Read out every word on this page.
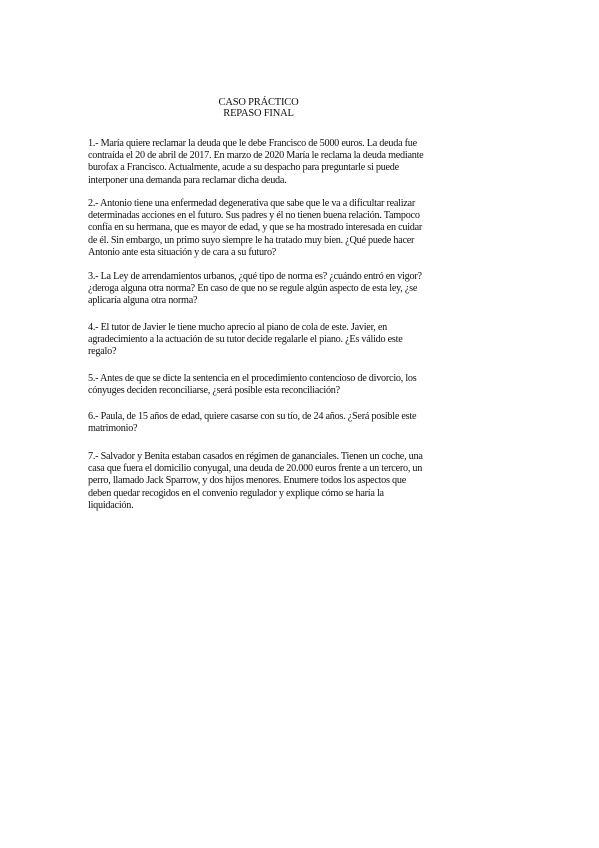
CASO PRÁCTICO
REPASO FINAL

1.- María quiere reclamar la deuda que le debe Francisco de 5000 euros. La deuda fue
contraída el 20 de abril de 2017. En marzo de 2020 María le reclama la deuda mediante
burofax a Francisco. Actualmente, acude a su despacho para preguntarle si puede
interponer una demanda para reclamar dicha deuda.

2.- Antonio tiene una enfermedad degenerativa que sabe que le va a dificultar realizar
determinadas acciones en el futuro. Sus padres y él no tienen buena relación. Tampoco
confía en su hermana, que es mayor de edad, y que se ha mostrado interesada en cuidar
de él. Sin embargo, un primo suyo siempre le ha tratado muy bien. ¿Qué puede hacer
Antonio ante esta situación y de cara a su futuro?

3.- La Ley de arrendamientos urbanos, ¿qué tipo de norma es? ¿cuándo entró en vigor?
¿deroga alguna otra norma? En caso de que no se regule algún aspecto de esta ley, ¿se
aplicaría alguna otra norma?

4.- El tutor de Javier le tiene mucho aprecio al piano de cola de este. Javier, en
agradecimiento a la actuación de su tutor decide regalarle el piano. ¿Es válido este
regalo?

5.- Antes de que se dicte la sentencia en el procedimiento contencioso de divorcio, los
cónyuges deciden reconciliarse, ¿será posible esta reconciliación?

6.- Paula, de 15 años de edad, quiere casarse con su tío, de 24 años. ¿Será posible este
matrimonio?

7.- Salvador y Benita estaban casados en régimen de gananciales. Tienen un coche, una
casa que fuera el domicilio conyugal, una deuda de 20.000 euros frente a un tercero, un
perro, llamado Jack Sparrow, y dos hijos menores. Enumere todos los aspectos que
deben quedar recogidos en el convenio regulador y explique cómo se haría la
liquidación.
